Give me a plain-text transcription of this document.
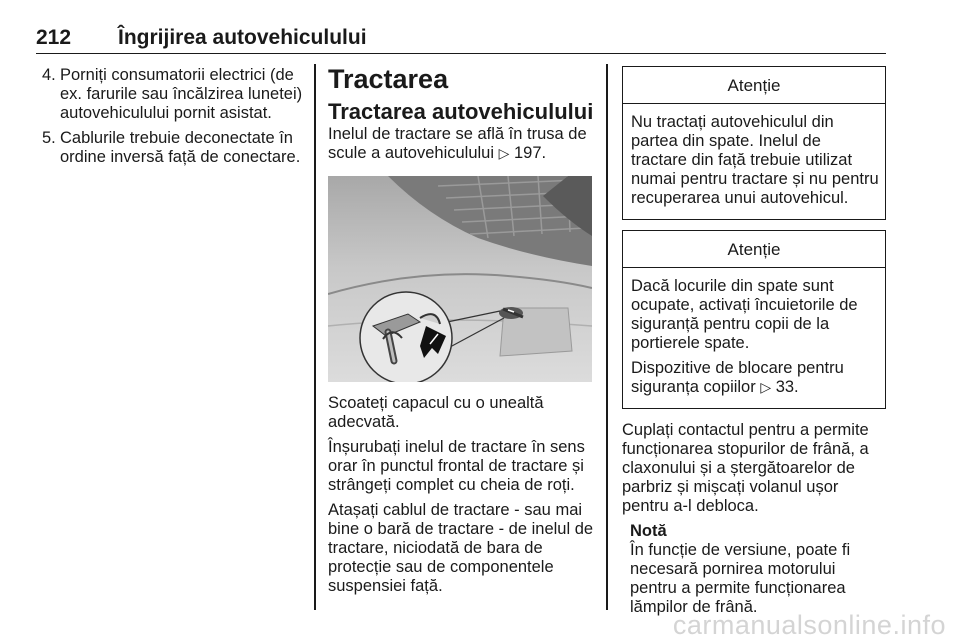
212 Îngrijirea autovehiculului
4. Porniți consumatorii electrici (de ex. farurile sau încălzirea lunetei) autovehiculului pornit asistat.
5. Cablurile trebuie deconectate în ordine inversă față de conectare.
Tractarea
Tractarea autovehiculului

Inelul de tractare se află în trusa de scule a autovehiculului ▷ 197.

Scoateți capacul cu o unealtă adecvată.

Înșurubați inelul de tractare în sens orar în punctul frontal de tractare și strângeți complet cu cheia de roți.

Atașați cablul de tractare - sau mai bine o bară de tractare - de inelul de tractare, niciodată de bara de protecție sau de componentele suspensiei față.

Atenție

Nu tractați autovehiculul din partea din spate. Inelul de tractare din față trebuie utilizat numai pentru tractare și nu pentru recuperarea unui autovehicul.

Atenție

Dacă locurile din spate sunt ocupate, activați încuietorile de siguranță pentru copii de la portierele spate.

Dispozitive de blocare pentru siguranța copiilor ▷ 33.

Cuplați contactul pentru a permite funcționarea stopurilor de frână, a claxonului și a ștergătoarelor de parbriz și mișcați volanul ușor pentru a-l debloca.

Notă
În funcție de versiune, poate fi necesară pornirea motorului pentru a permite funcționarea lămpilor de frână.
carmanualsonline.info
